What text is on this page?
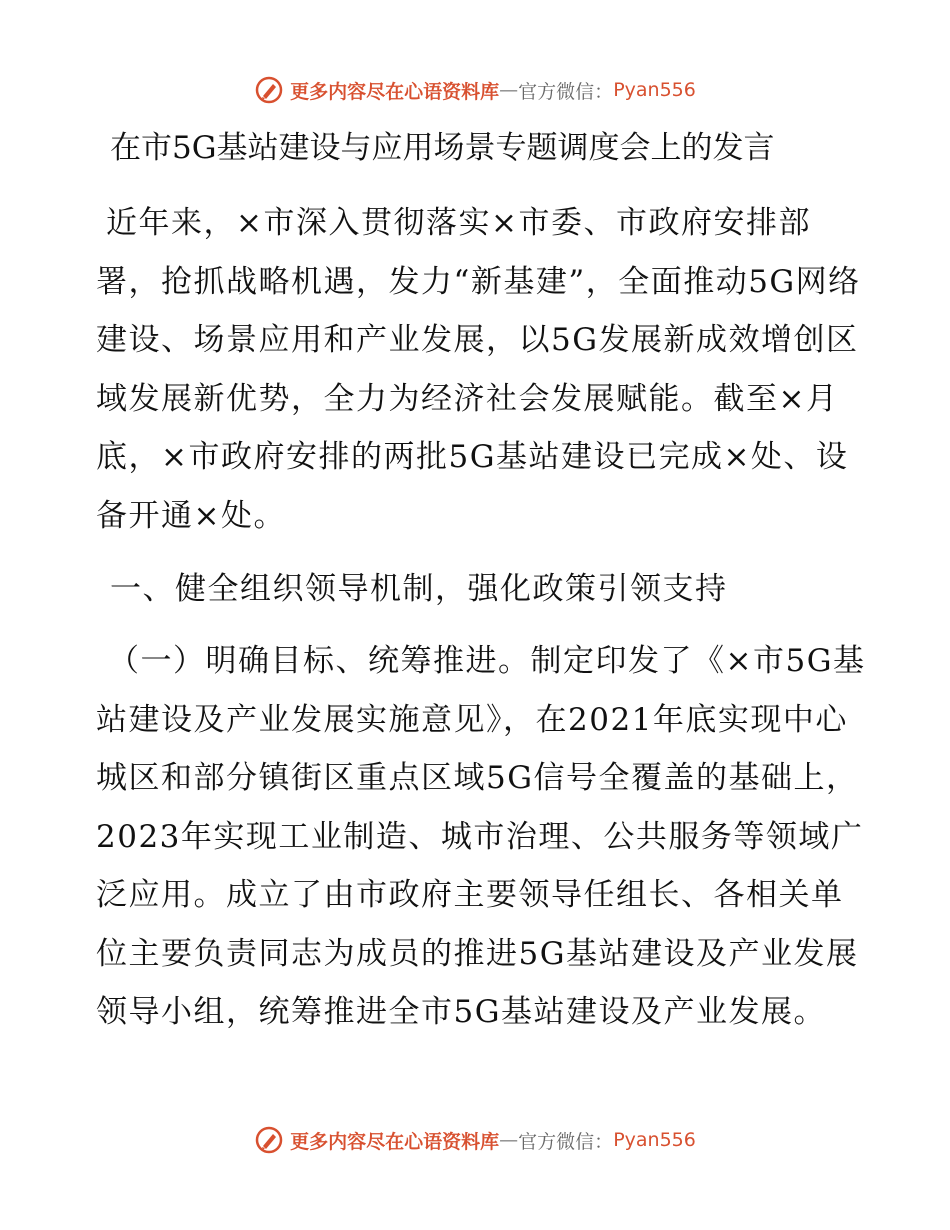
更多内容尽在心语资料库 — 官方微信： Pyan556
在市5G基站建设与应用场景专题调度会上的发言

近年来，×市深入贯彻落实×市委、市政府安排部署，抢抓战略机遇，发力“新基建”，全面推动5G网络建设、场景应用和产业发展，以5G发展新成效增创区域发展新优势，全力为经济社会发展赋能。截至×月底，×市政府安排的两批5G基站建设已完成×处、设备开通×处。

一、健全组织领导机制，强化政策引领支持

（一）明确目标、统筹推进。制定印发了《×市5G基站建设及产业发展实施意见》，在2021年底实现中心城区和部分镇街区重点区域5G信号全覆盖的基础上，2023年实现工业制造、城市治理、公共服务等领域广泛应用。成立了由市政府主要领导任组长、各相关单位主要负责同志为成员的推进5G基站建设及产业发展领导小组，统筹推进全市5G基站建设及产业发展。

更多内容尽在心语资料库 — 官方微信： Pyan556
